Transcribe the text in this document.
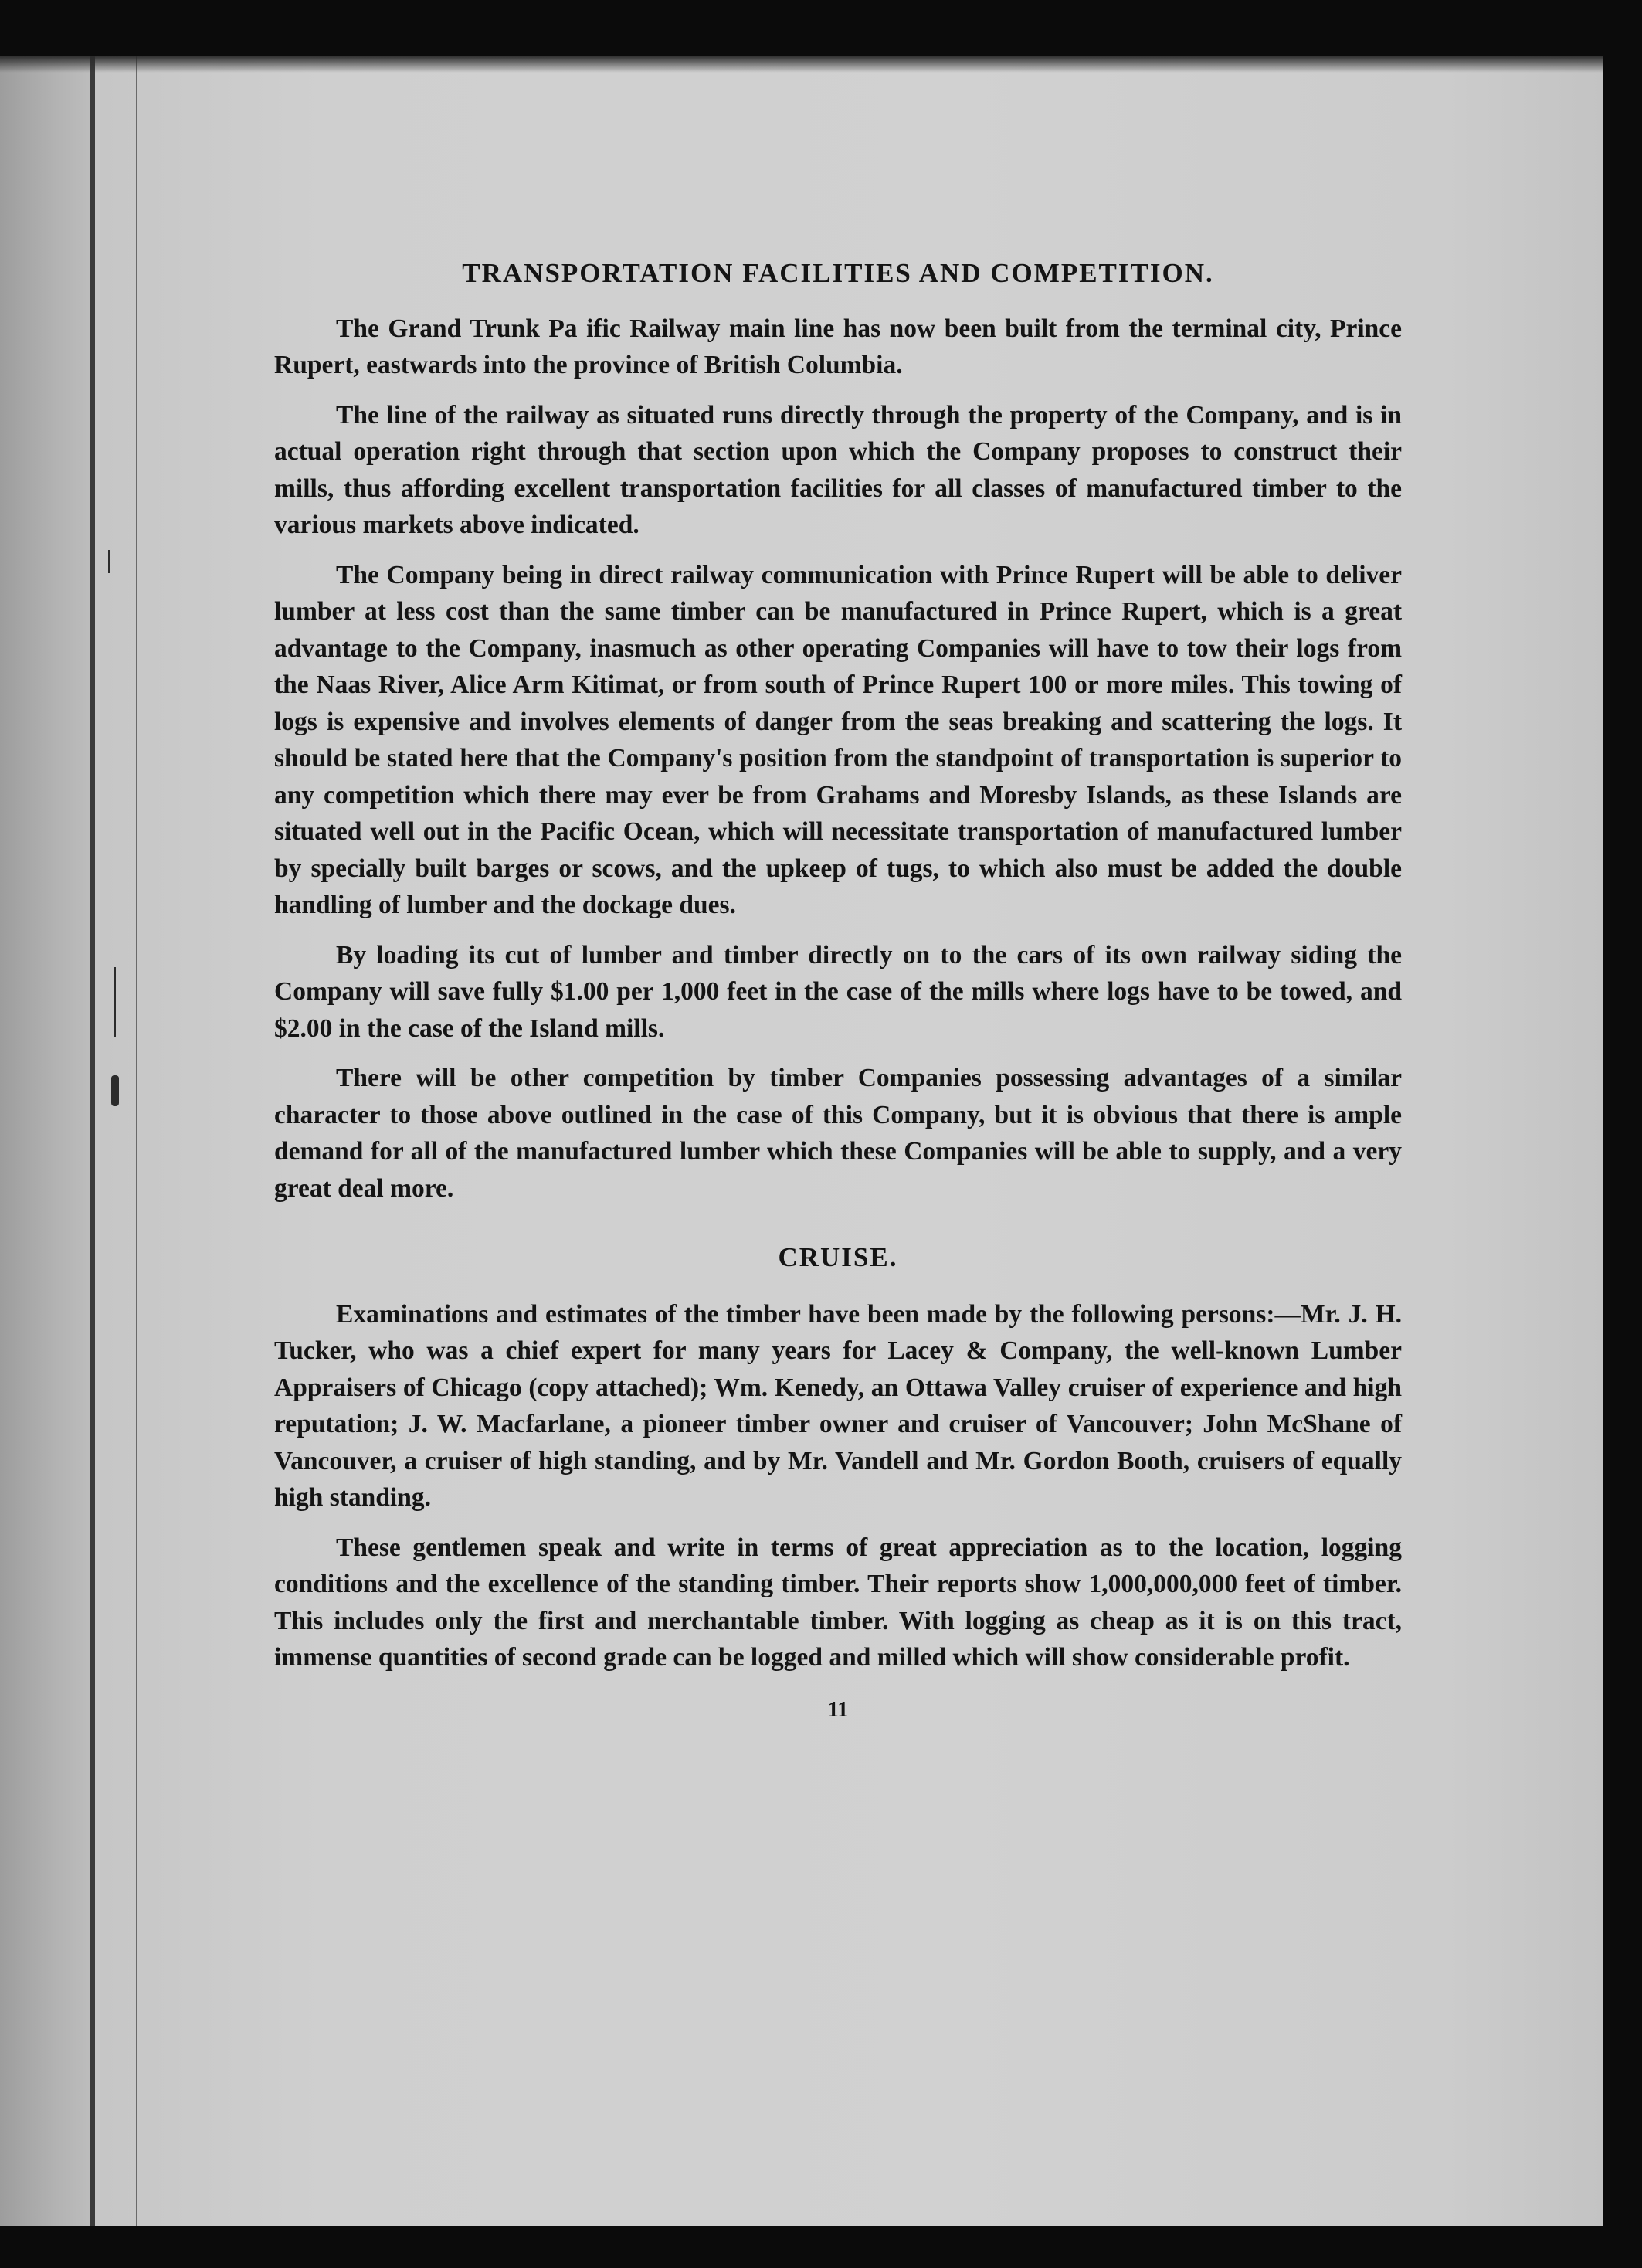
TRANSPORTATION FACILITIES AND COMPETITION.

The Grand Trunk Pa ific Railway main line has now been built from the terminal city, Prince Rupert, eastwards into the province of British Columbia.

The line of the railway as situated runs directly through the property of the Company, and is in actual operation right through that section upon which the Company proposes to construct their mills, thus affording excellent transportation facilities for all classes of manufactured timber to the various markets above indicated.

The Company being in direct railway communication with Prince Rupert will be able to deliver lumber at less cost than the same timber can be manufactured in Prince Rupert, which is a great advantage to the Company, inasmuch as other operating Companies will have to tow their logs from the Naas River, Alice Arm Kitimat, or from south of Prince Rupert 100 or more miles. This towing of logs is expensive and involves elements of danger from the seas breaking and scattering the logs. It should be stated here that the Company's position from the standpoint of transportation is superior to any competition which there may ever be from Grahams and Moresby Islands, as these Islands are situated well out in the Pacific Ocean, which will necessitate transportation of manufactured lumber by specially built barges or scows, and the upkeep of tugs, to which also must be added the double handling of lumber and the dockage dues.

By loading its cut of lumber and timber directly on to the cars of its own railway siding the Company will save fully $1.00 per 1,000 feet in the case of the mills where logs have to be towed, and $2.00 in the case of the Island mills.

There will be other competition by timber Companies possessing advantages of a similar character to those above outlined in the case of this Company, but it is obvious that there is ample demand for all of the manufactured lumber which these Companies will be able to supply, and a very great deal more.

CRUISE.

Examinations and estimates of the timber have been made by the following persons:—Mr. J. H. Tucker, who was a chief expert for many years for Lacey & Company, the well-known Lumber Appraisers of Chicago (copy attached); Wm. Kenedy, an Ottawa Valley cruiser of experience and high reputation; J. W. Macfarlane, a pioneer timber owner and cruiser of Vancouver; John McShane of Vancouver, a cruiser of high standing, and by Mr. Vandell and Mr. Gordon Booth, cruisers of equally high standing.

These gentlemen speak and write in terms of great appreciation as to the location, logging conditions and the excellence of the standing timber. Their reports show 1,000,000,000 feet of timber. This includes only the first and merchantable timber. With logging as cheap as it is on this tract, immense quantities of second grade can be logged and milled which will show considerable profit.

11
